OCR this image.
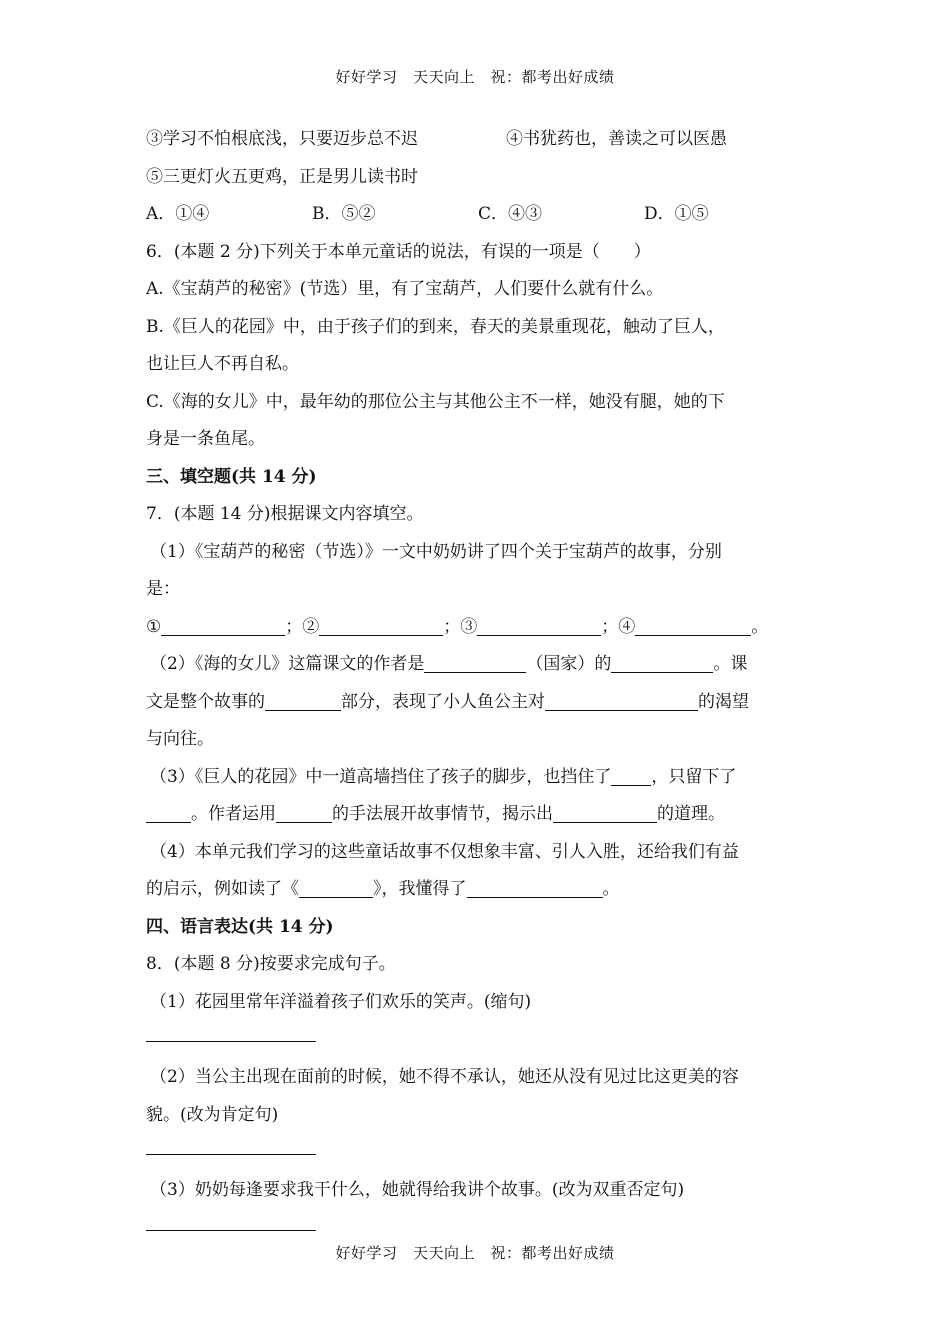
好好学习　天天向上　祝：都考出好成绩
③学习不怕根底浅，只要迈步总不迟	④书犹药也，善读之可以医愚
⑤三更灯火五更鸡，正是男儿读书时
A．①④	B．⑤②	C．④③	D．①⑤
6．(本题 2 分)下列关于本单元童话的说法，有误的一项是（　　）
A.《宝葫芦的秘密》(节选）里，有了宝葫芦，人们要什么就有什么。
B.《巨人的花园》中，由于孩子们的到来，春天的美景重现花，触动了巨人，
也让巨人不再自私。
C.《海的女儿》中，最年幼的那位公主与其他公主不一样，她没有腿，她的下
身是一条鱼尾。
三、填空题(共 14 分)
7．(本题 14 分)根据课文内容填空。
（1）《宝葫芦的秘密（节选）》一文中奶奶讲了四个关于宝葫芦的故事，分别
是：
①	；②	；③	；④	。
（2）《海的女儿》这篇课文的作者是	（国家）的	。课
文是整个故事的	部分，表现了小人鱼公主对	的渴望
与向往。
（3）《巨人的花园》中一道高墙挡住了孩子的脚步，也挡住了 ，只留下了
。作者运用	的手法展开故事情节，揭示出	的道理。
（4）本单元我们学习的这些童话故事不仅想象丰富、引人入胜，还给我们有益
的启示，例如读了《	》，我懂得了	。
四、语言表达(共 14 分)
8．(本题 8 分)按要求完成句子。
（1）花园里常年洋溢着孩子们欢乐的笑声。(缩句)
（2）当公主出现在面前的时候，她不得不承认，她还从没有见过比这更美的容
貌。(改为肯定句)
（3）奶奶每逢要求我干什么，她就得给我讲个故事。(改为双重否定句)
好好学习　天天向上　祝：都考出好成绩
